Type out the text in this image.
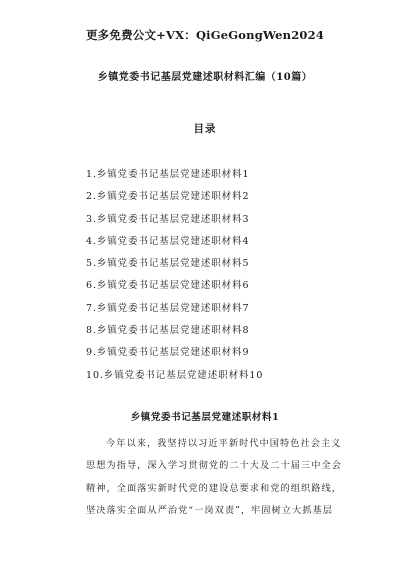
更多免费公文+VX：QiGeGongWen2024
乡镇党委书记基层党建述职材料汇编（10篇）
目录
1.乡镇党委书记基层党建述职材料1
2.乡镇党委书记基层党建述职材料2
3.乡镇党委书记基层党建述职材料3
4.乡镇党委书记基层党建述职材料4
5.乡镇党委书记基层党建述职材料5
6.乡镇党委书记基层党建述职材料6
7.乡镇党委书记基层党建述职材料7
8.乡镇党委书记基层党建述职材料8
9.乡镇党委书记基层党建述职材料9
10.乡镇党委书记基层党建述职材料10
乡镇党委书记基层党建述职材料1
今年以来，我坚持以习近平新时代中国特色社会主义
思想为指导，深入学习贯彻党的二十大及二十届三中全会
精神，全面落实新时代党的建设总要求和党的组织路线，
坚决落实全面从严治党“一岗双责”，牢固树立大抓基层
